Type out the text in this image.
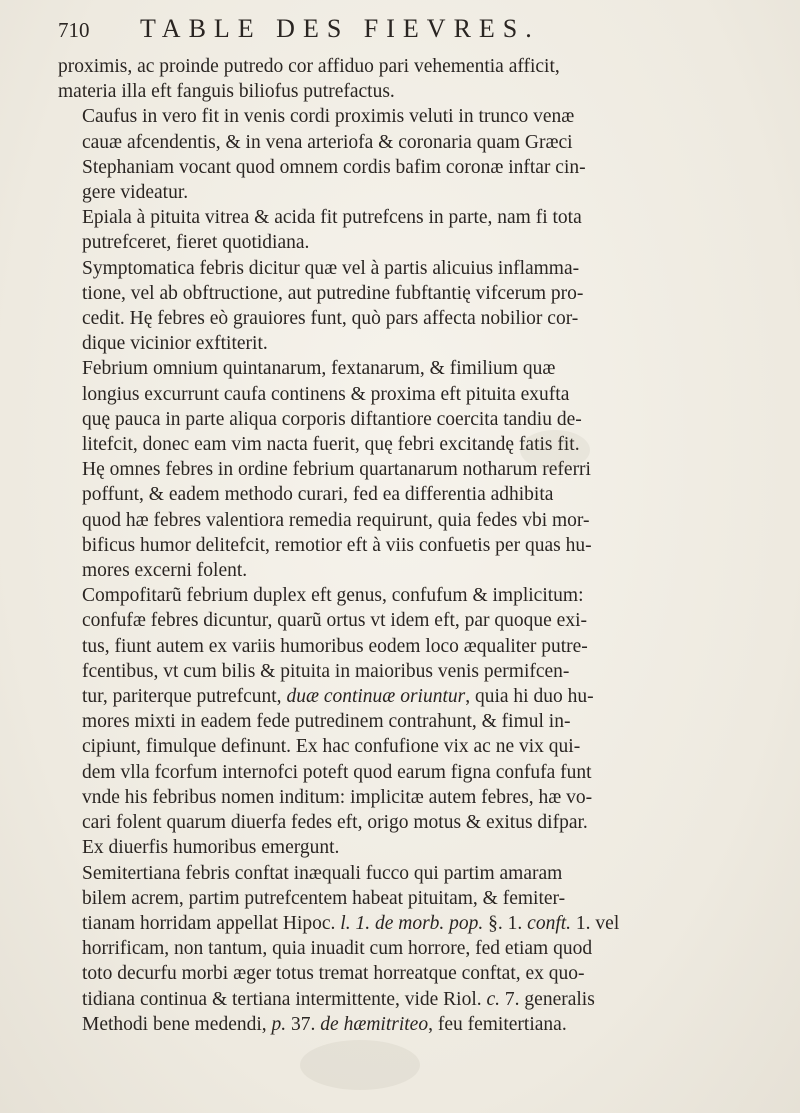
710	TABLE DES FIEVRES.
proximis, ac proinde putredo cor affiduo pari vehementia afficit,
materia illa eft fanguis biliofus putrefactus.
Caufus in vero fit in venis cordi proximis veluti in trunco venæ
cauæ afcendentis, & in vena arteriofa & coronaria quam Græci
Stephaniam vocant quod omnem cordis bafim coronæ inftar cin-
gere videatur.
Epiala à pituita vitrea & acida fit putrefcens in parte, nam fi tota
putrefceret, fieret quotidiana.
Symptomatica febris dicitur quæ vel à partis alicuius inflamma-
tione, vel ab obftructione, aut putredine fubftantię vifcerum pro-
cedit. Hę febres eò grauiores funt, quò pars affecta nobilior cor-
dique vicinior exftiterit.
Febrium omnium quintanarum, fextanarum, & fimilium quæ
longius excurrunt caufa continens & proxima eft pituita exufta
quę pauca in parte aliqua corporis diftantiore coercita tandiu de-
litefcit, donec eam vim nacta fuerit, quę febri excitandę fatis fit.
Hę omnes febres in ordine febrium quartanarum notharum referri
poffunt, & eadem methodo curari, fed ea differentia adhibita
quod hæ febres valentiora remedia requirunt, quia fedes vbi mor-
bificus humor delitefcit, remotior eft à viis confuetis per quas hu-
mores excerni folent.
Compofitarũ febrium duplex eft genus, confufum & implicitum:
confufæ febres dicuntur, quarũ ortus vt idem eft, par quoque exi-
tus, fiunt autem ex variis humoribus eodem loco æqualiter putre-
fcentibus, vt cum bilis & pituita in maioribus venis permifcen-
tur, pariterque putrefcunt, duæ continuæ oriuntur, quia hi duo hu-
mores mixti in eadem fede putredinem contrahunt, & fimul in-
cipiunt, fimulque definunt. Ex hac confufione vix ac ne vix qui-
dem vlla fcorfum internofci poteft quod earum figna confufa funt
vnde his febribus nomen inditum: implicitæ autem febres, hæ vo-
cari folent quarum diuerfa fedes eft, origo motus & exitus difpar.
Ex diuerfis humoribus emergunt.
Semitertiana febris conftat inæquali fucco qui partim amaram
bilem acrem, partim putrefcentem habeat pituitam, & femiter-
tianam horridam appellat Hipoc. l. 1. de morb. pop. §. 1. conft. 1. vel
horrificam, non tantum, quia inuadit cum horrore, fed etiam quod
toto decurfu morbi æger totus tremat horreatque conftat, ex quo-
tidiana continua & tertiana intermittente, vide Riol. c. 7. generalis
Methodi bene medendi, p. 37. de hæmitriteo, feu femitertiana.
